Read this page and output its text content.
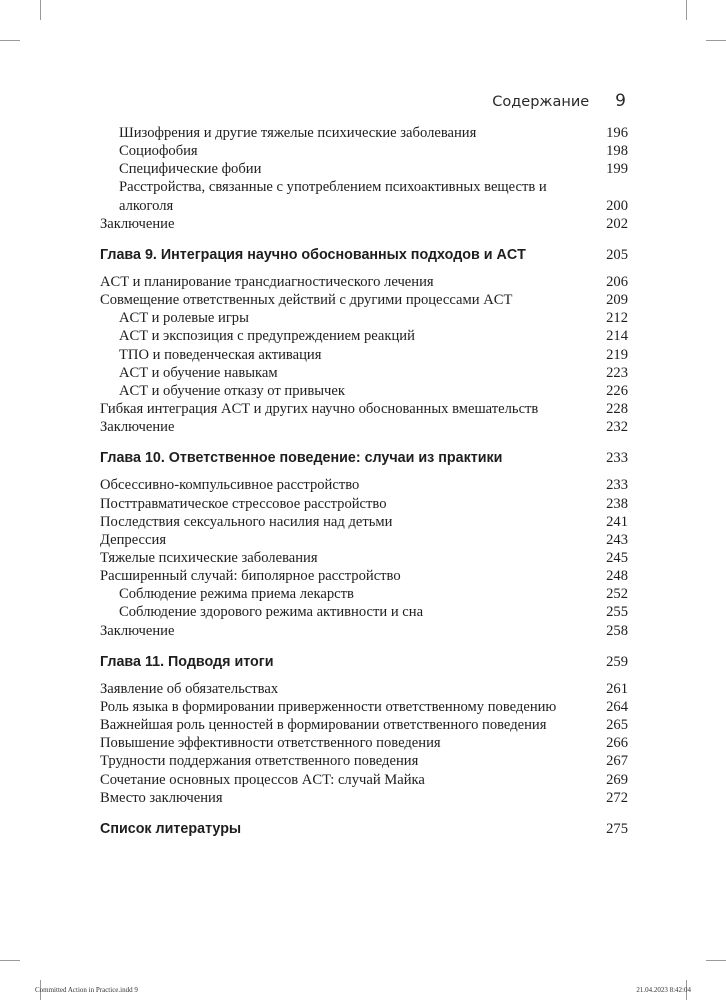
Содержание 9
Шизофрения и другие тяжелые психические заболевания	196
Социофобия	198
Специфические фобии	199
Расстройства, связанные с употреблением психоактивных веществ и алкоголя	200
Заключение	202
Глава 9. Интеграция научно обоснованных подходов и ACT	205
ACT и планирование трансдиагностического лечения	206
Совмещение ответственных действий с другими процессами ACT	209
ACT и ролевые игры	212
ACT и экспозиция с предупреждением реакций	214
ТПО и поведенческая активация	219
ACT и обучение навыкам	223
ACT и обучение отказу от привычек	226
Гибкая интеграция ACT и других научно обоснованных вмешательств	228
Заключение	232
Глава 10. Ответственное поведение: случаи из практики	233
Обсессивно-компульсивное расстройство	233
Посттравматическое стрессовое расстройство	238
Последствия сексуального насилия над детьми	241
Депрессия	243
Тяжелые психические заболевания	245
Расширенный случай: биполярное расстройство	248
Соблюдение режима приема лекарств	252
Соблюдение здорового режима активности и сна	255
Заключение	258
Глава 11. Подводя итоги	259
Заявление об обязательствах	261
Роль языка в формировании приверженности ответственному поведению	264
Важнейшая роль ценностей в формировании ответственного поведения	265
Повышение эффективности ответственного поведения	266
Трудности поддержания ответственного поведения	267
Сочетание основных процессов ACT: случай Майка	269
Вместо заключения	272
Список литературы	275
Committed Action in Practice.indd 9	21.04.2023 8:42:04
